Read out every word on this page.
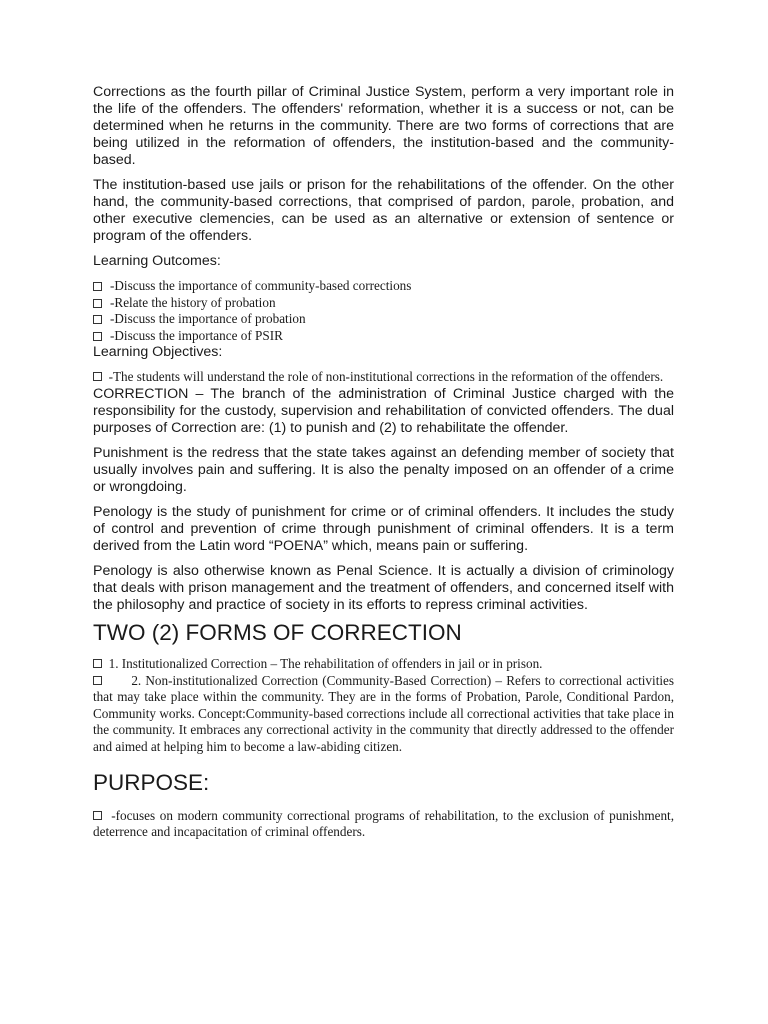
Corrections as the fourth pillar of Criminal Justice System, perform a very important role in the life of the offenders. The offenders' reformation, whether it is a success or not, can be determined when he returns in the community. There are two forms of corrections that are being utilized in the reformation of offenders, the institution-based and the community-based.

The institution-based use jails or prison for the rehabilitations of the offender. On the other hand, the community-based corrections, that comprised of pardon, parole, probation, and other executive clemencies, can be used as an alternative or extension of sentence or program of the offenders.

Learning Outcomes:

-Discuss the importance of community-based corrections
-Relate the history of probation
-Discuss the importance of probation
-Discuss the importance of PSIR

Learning Objectives:

-The students will understand the role of non-institutional corrections in the reformation of the offenders.

CORRECTION – The branch of the administration of Criminal Justice charged with the responsibility for the custody, supervision and rehabilitation of convicted offenders. The dual purposes of Correction are: (1) to punish and (2) to rehabilitate the offender.

Punishment is the redress that the state takes against an defending member of society that usually involves pain and suffering. It is also the penalty imposed on an offender of a crime or wrongdoing.

Penology is the study of punishment for crime or of criminal offenders. It includes the study of control and prevention of crime through punishment of criminal offenders. It is a term derived from the Latin word “POENA” which, means pain or suffering.

Penology is also otherwise known as Penal Science. It is actually a division of criminology that deals with prison management and the treatment of offenders, and concerned itself with the philosophy and practice of society in its efforts to repress criminal activities.

TWO (2) FORMS OF CORRECTION

1. Institutionalized Correction – The rehabilitation of offenders in jail or in prison.

2. Non-institutionalized Correction (Community-Based Correction) – Refers to correctional activities that may take place within the community. They are in the forms of Probation, Parole, Conditional Pardon, Community works. Concept:Community-based corrections include all correctional activities that take place in the community. It embraces any correctional activity in the community that directly addressed to the offender and aimed at helping him to become a law-abiding citizen.

PURPOSE:

-focuses on modern community correctional programs of rehabilitation, to the exclusion of punishment, deterrence and incapacitation of criminal offenders.
